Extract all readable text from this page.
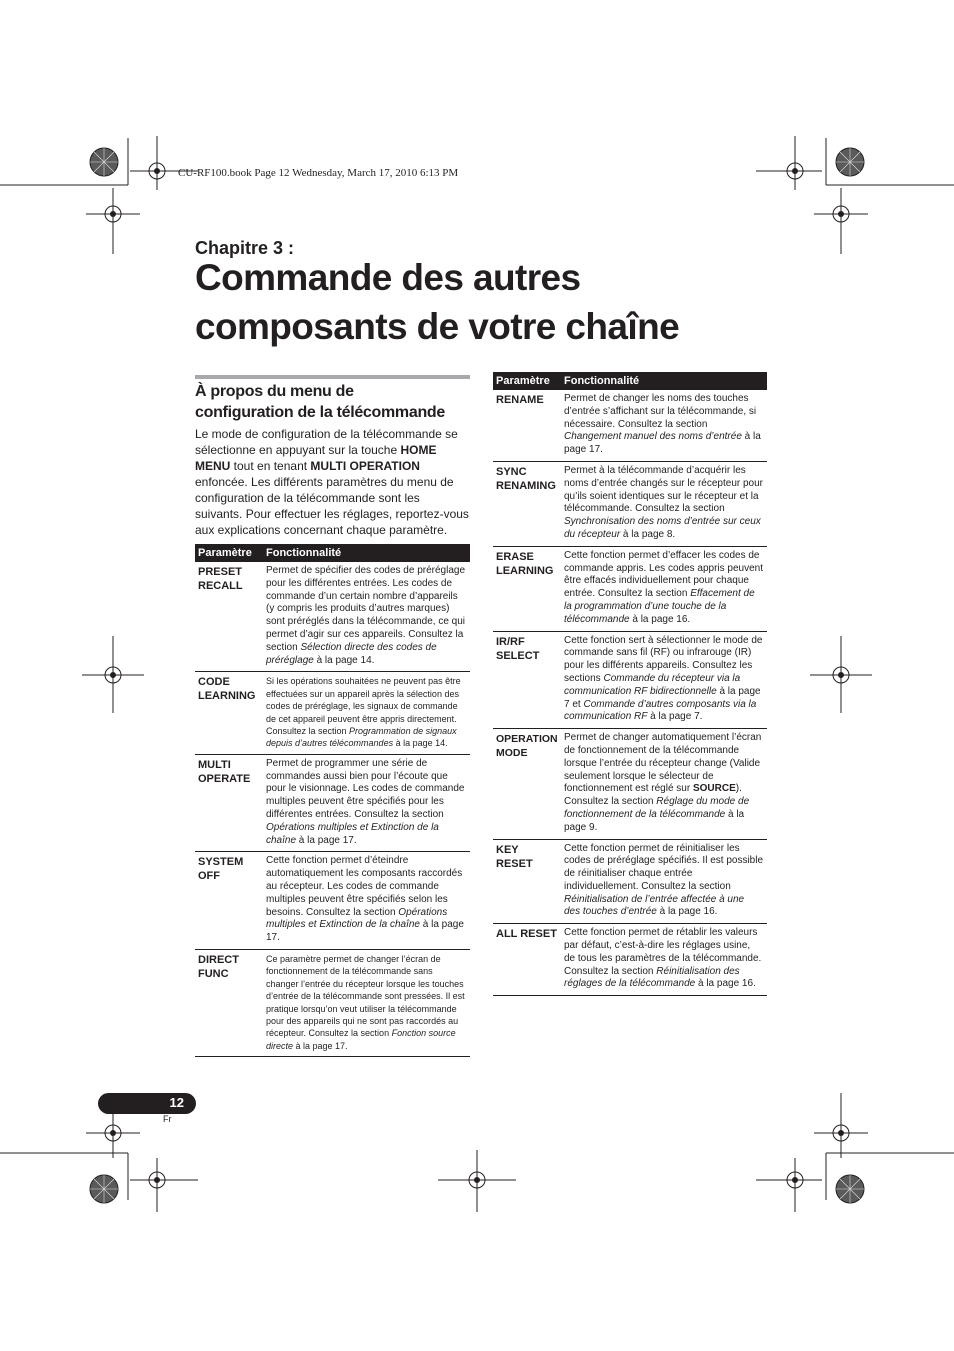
CU-RF100.book Page 12 Wednesday, March 17, 2010 6:13 PM
Chapitre 3 :
Commande des autres
composants de votre chaîne
À propos du menu de
configuration de la télécommande
Le mode de configuration de la télécommande se sélectionne en appuyant sur la touche HOME MENU tout en tenant MULTI OPERATION enfoncée. Les différents paramètres du menu de configuration de la télécommande sont les suivants. Pour effectuer les réglages, reportez-vous aux explications concernant chaque paramètre.
Paramètre	Fonctionnalité
PRESET
RECALL	Permet de spécifier des codes de préréglage pour les différentes entrées. Les codes de commande d’un certain nombre d’appareils (y compris les produits d’autres marques) sont préréglés dans la télécommande, ce qui permet d’agir sur ces appareils. Consultez la section Sélection directe des codes de préréglage à la page 14.
CODE
LEARNING	Si les opérations souhaitées ne peuvent pas être effectuées sur un appareil après la sélection des codes de préréglage, les signaux de commande de cet appareil peuvent être appris directement. Consultez la section Programmation de signaux depuis d’autres télécommandes à la page 14.
MULTI
OPERATE	Permet de programmer une série de commandes aussi bien pour l’écoute que pour le visionnage. Les codes de commande multiples peuvent être spécifiés pour les différentes entrées. Consultez la section Opérations multiples et Extinction de la chaîne à la page 17.
SYSTEM
OFF	Cette fonction permet d’éteindre automatiquement les composants raccordés au récepteur. Les codes de commande multiples peuvent être spécifiés selon les besoins. Consultez la section Opérations multiples et Extinction de la chaîne à la page 17.
DIRECT
FUNC	Ce paramètre permet de changer l’écran de fonctionnement de la télécommande sans changer l’entrée du récepteur lorsque les touches d’entrée de la télécommande sont pressées. Il est pratique lorsqu’on veut utiliser la télécommande pour des appareils qui ne sont pas raccordés au récepteur. Consultez la section Fonction source directe à la page 17.
Paramètre	Fonctionnalité
RENAME	Permet de changer les noms des touches d’entrée s’affichant sur la télécommande, si nécessaire. Consultez la section Changement manuel des noms d’entrée à la page 17.
SYNC
RENAMING	Permet à la télécommande d’acquérir les noms d’entrée changés sur le récepteur pour qu’ils soient identiques sur le récepteur et la télécommande. Consultez la section Synchronisation des noms d’entrée sur ceux du récepteur à la page 8.
ERASE
LEARNING	Cette fonction permet d’effacer les codes de commande appris. Les codes appris peuvent être effacés individuellement pour chaque entrée. Consultez la section Effacement de la programmation d’une touche de la télécommande à la page 16.
IR/RF
SELECT	Cette fonction sert à sélectionner le mode de commande sans fil (RF) ou infrarouge (IR) pour les différents appareils. Consultez les sections Commande du récepteur via la communication RF bidirectionnelle à la page 7 et Commande d’autres composants via la communication RF à la page 7.
OPERATION
MODE	Permet de changer automatiquement l’écran de fonctionnement de la télécommande lorsque l’entrée du récepteur change (Valide seulement lorsque le sélecteur de fonctionnement est réglé sur SOURCE). Consultez la section Réglage du mode de fonctionnement de la télécommande à la page 9.
KEY RESET	Cette fonction permet de réinitialiser les codes de préréglage spécifiés. Il est possible de réinitialiser chaque entrée individuellement. Consultez la section Réinitialisation de l’entrée affectée à une des touches d’entrée à la page 16.
ALL RESET	Cette fonction permet de rétablir les valeurs par défaut, c’est-à-dire les réglages usine, de tous les paramètres de la télécommande. Consultez la section Réinitialisation des réglages de la télécommande à la page 16.
12
Fr
